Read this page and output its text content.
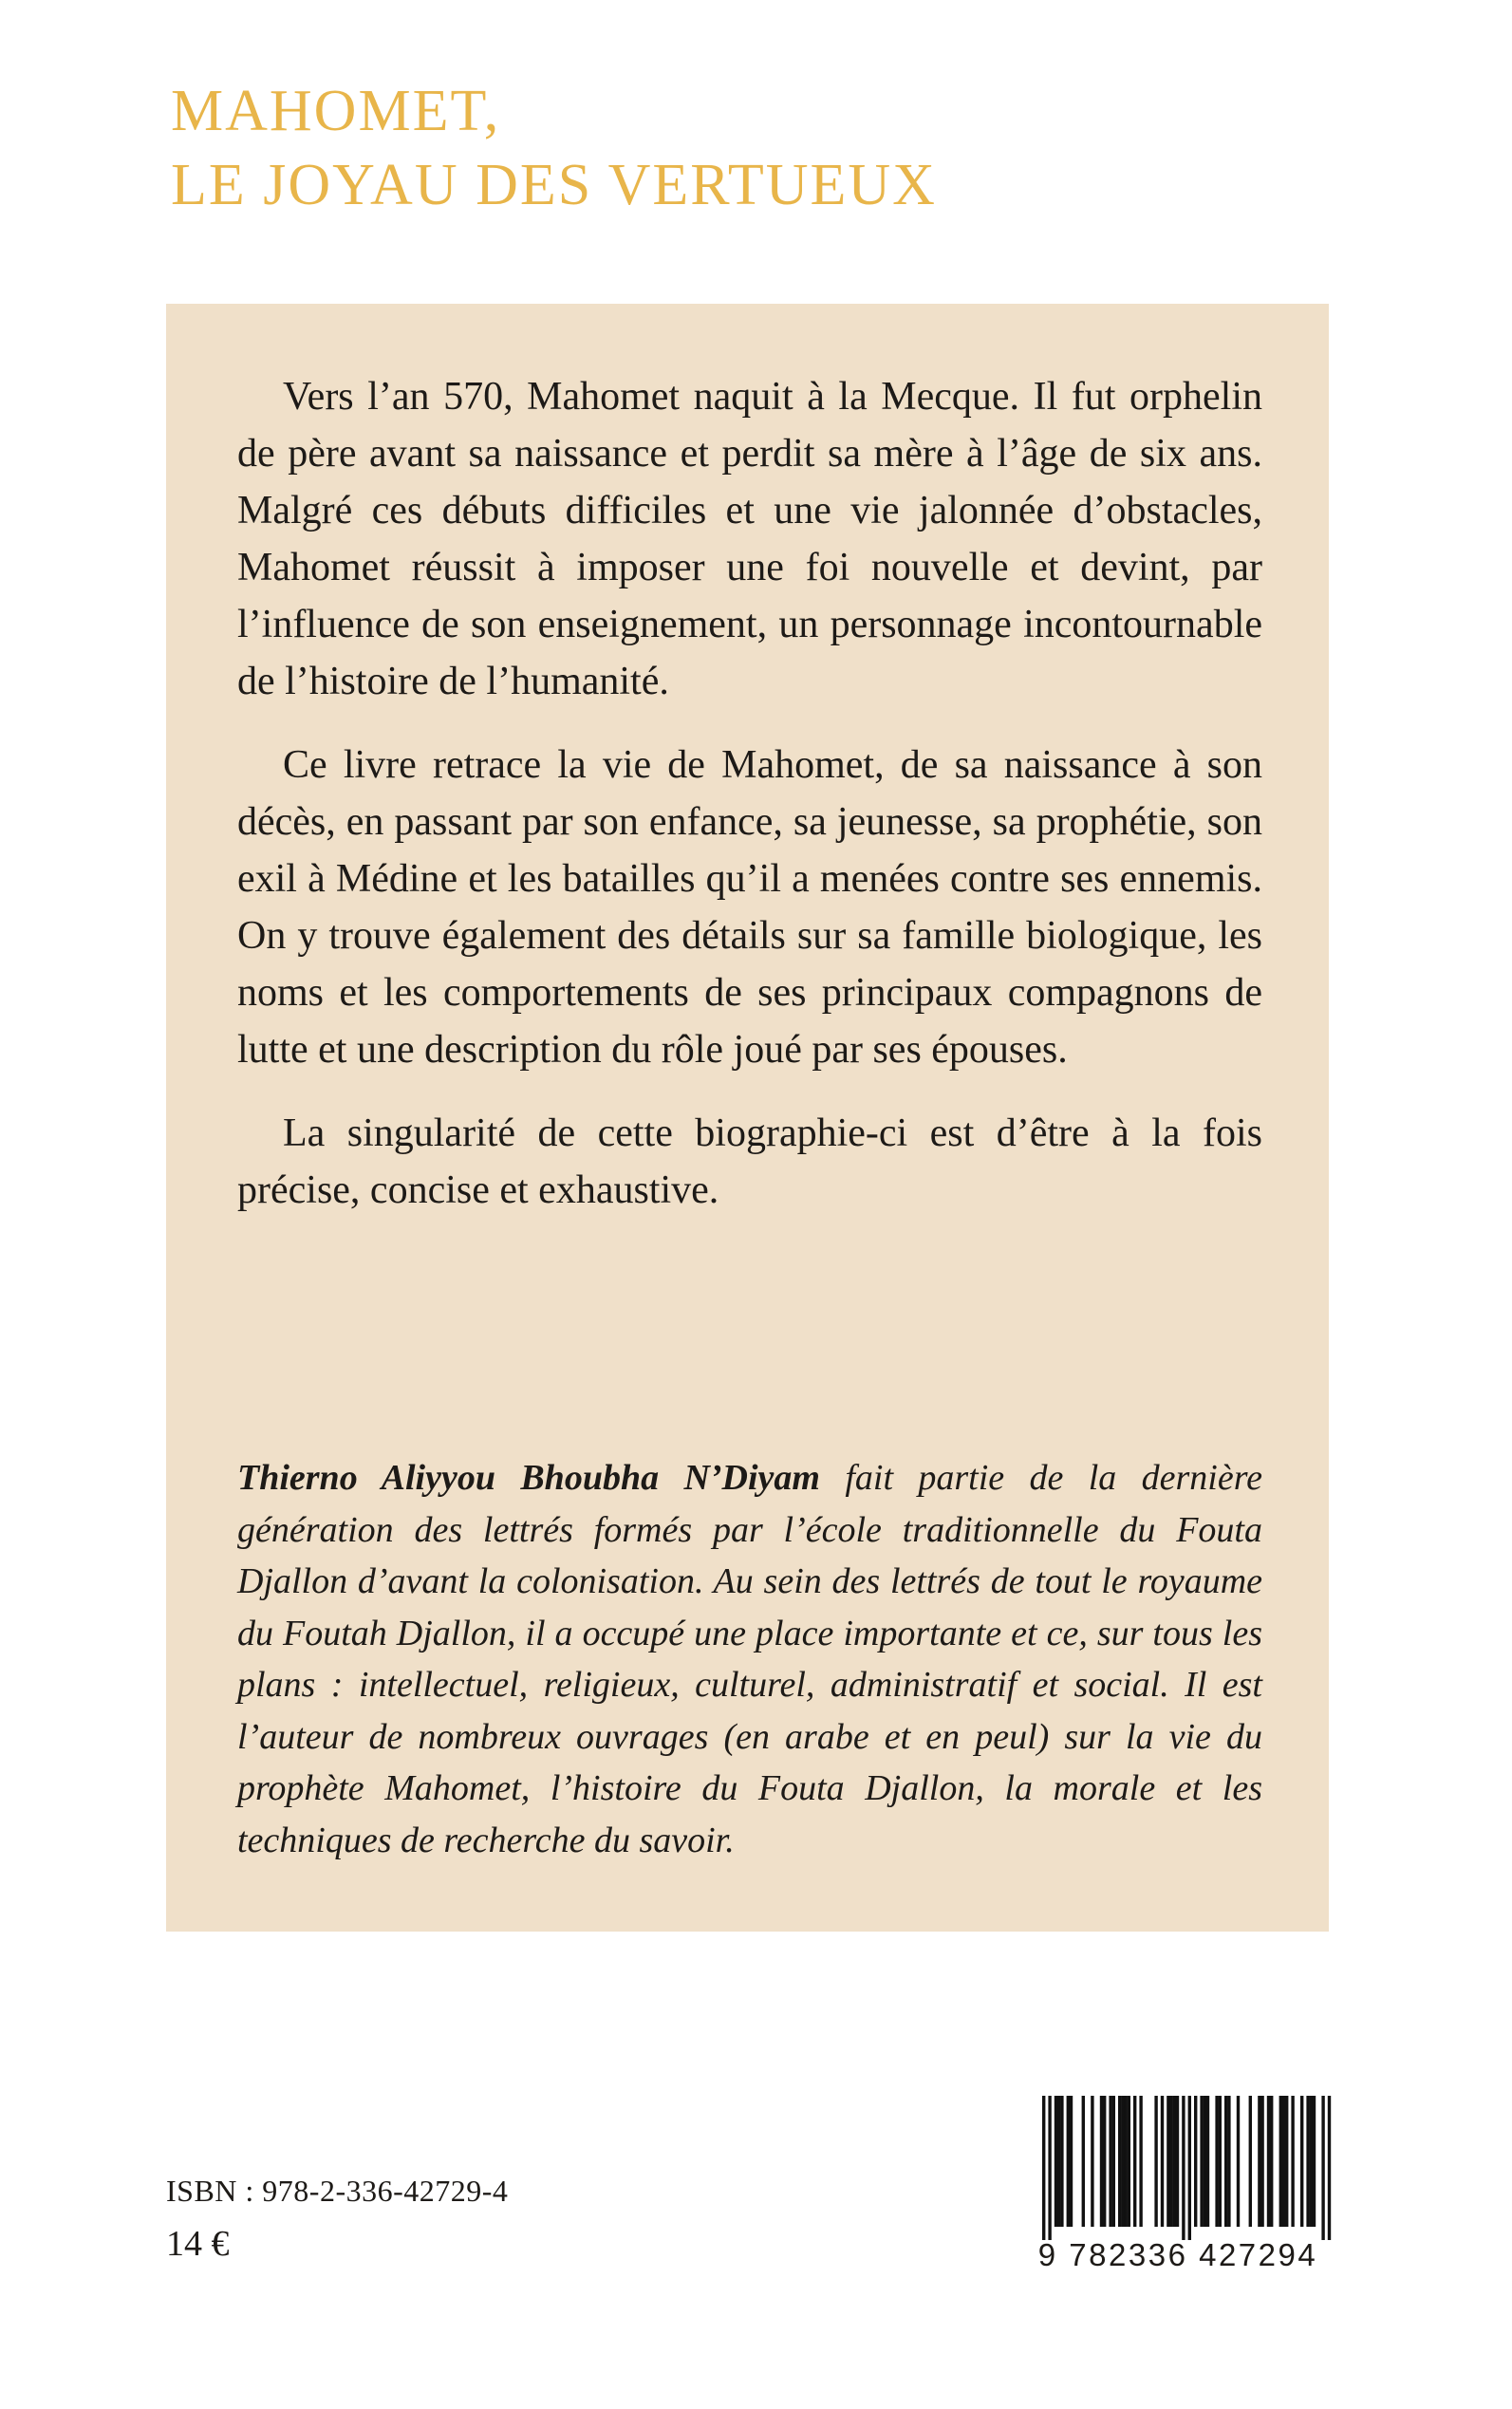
MAHOMET,
LE JOYAU DES VERTUEUX

Vers l’an 570, Mahomet naquit à la Mecque. Il fut orphelin de père avant sa naissance et perdit sa mère à l’âge de six ans. Malgré ces débuts difficiles et une vie jalonnée d’obstacles, Mahomet réussit à imposer une foi nouvelle et devint, par l’influence de son enseignement, un personnage incontournable de l’histoire de l’humanité.

Ce livre retrace la vie de Mahomet, de sa naissance à son décès, en passant par son enfance, sa jeunesse, sa prophétie, son exil à Médine et les batailles qu’il a menées contre ses ennemis. On y trouve également des détails sur sa famille biologique, les noms et les comportements de ses principaux compagnons de lutte et une description du rôle joué par ses épouses.

La singularité de cette biographie-ci est d’être à la fois précise, concise et exhaustive.

Thierno Aliyyou Bhoubha N’Diyam fait partie de la dernière génération des lettrés formés par l’école traditionnelle du Fouta Djallon d’avant la colonisation. Au sein des lettrés de tout le royaume du Foutah Djallon, il a occupé une place importante et ce, sur tous les plans : intellectuel, religieux, culturel, administratif et social. Il est l’auteur de nombreux ouvrages (en arabe et en peul) sur la vie du prophète Mahomet, l’histoire du Fouta Djallon, la morale et les techniques de recherche du savoir.
ISBN : 978-2-336-42729-4
14 €	9 782336 427294
